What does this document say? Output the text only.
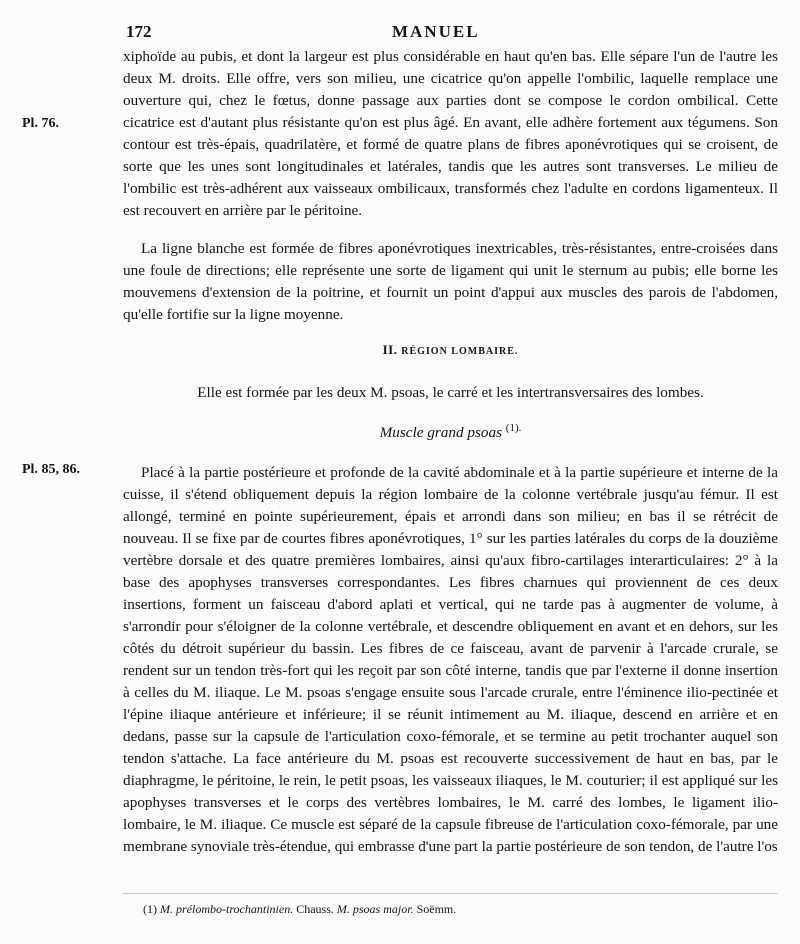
172	MANUEL
Pl. 76.

xiphoïde au pubis, et dont la largeur est plus considérable en haut qu'en bas. Elle sépare l'un de l'autre les deux M. droits. Elle offre, vers son milieu, une cicatrice qu'on appelle l'ombilic, laquelle remplace une ouverture qui, chez le fœtus, donne passage aux parties dont se compose le cordon ombilical. Cette cicatrice est d'autant plus résistante qu'on est plus âgé. En avant, elle adhère fortement aux tégumens. Son contour est très-épais, quadrilatère, et formé de quatre plans de fibres aponévrotiques qui se croisent, de sorte que les unes sont longitudinales et latérales, tandis que les autres sont transverses. Le milieu de l'ombilic est très-adhérent aux vaisseaux ombilicaux, transformés chez l'adulte en cordons ligamenteux. Il est recouvert en arrière par le péritoine.

La ligne blanche est formée de fibres aponévrotiques inextricables, très-résistantes, entre-croisées dans une foule de directions; elle représente une sorte de ligament qui unit le sternum au pubis; elle borne les mouvemens d'extension de la poitrine, et fournit un point d'appui aux muscles des parois de l'abdomen, qu'elle fortifie sur la ligne moyenne.

II. RÉGION LOMBAIRE.
Elle est formée par les deux M. psoas, le carré et les intertransversaires des lombes.
Muscle grand psoas $^{(1).}$
Pl. 85, 86.	Placé à la partie postérieure et profonde de la cavité abdominale et à la partie supérieure et interne de la cuisse, il s'étend obliquement depuis la région lombaire de la colonne vertébrale jusqu'au fémur. Il est allongé, terminé en pointe supérieurement, épais et arrondi dans son milieu; en bas il se rétrécit de nouveau. Il se fixe par de courtes fibres aponévrotiques, 1° sur les parties latérales du corps de la douzième vertèbre dorsale et des quatre premières lombaires, ainsi qu'aux fibro-cartilages interarticulaires: 2° à la base des apophyses transverses correspondantes. Les fibres charnues qui proviennent de ces deux insertions, forment un faisceau d'abord aplati et vertical, qui ne tarde pas à augmenter de volume, à s'arrondir pour s'éloigner de la colonne vertébrale, et descendre obliquement en avant et en dehors, sur les côtés du détroit supérieur du bassin. Les fibres de ce faisceau, avant de parvenir à l'arcade crurale, se rendent sur un tendon très-fort qui les reçoit par son côté interne, tandis que par l'externe il donne insertion à celles du M. iliaque. Le M. psoas s'engage ensuite sous l'arcade crurale, entre l'éminence ilio-pectinée et l'épine iliaque antérieure et inférieure; il se réunit intimement au M. iliaque, descend en arrière et en dedans, passe sur la capsule de l'articulation coxo-fémorale, et se termine au petit trochanter auquel son tendon s'attache. La face antérieure du M. psoas est recouverte successivement de haut en bas, par le diaphragme, le péritoine, le rein, le petit psoas, les vaisseaux iliaques, le M. couturier; il est appliqué sur les apophyses transverses et le corps des vertèbres lombaires, le M. carré des lombes, le ligament ilio-lombaire, le M. iliaque. Ce muscle est séparé de la capsule fibreuse de l'articulation coxo-fémorale, par une membrane synoviale très-étendue, qui embrasse d'une part la partie postérieure de son tendon, de l'autre l'os

(1) M. prélombo-trochantinien. Chauss. M. psoas major. Soëmm.
